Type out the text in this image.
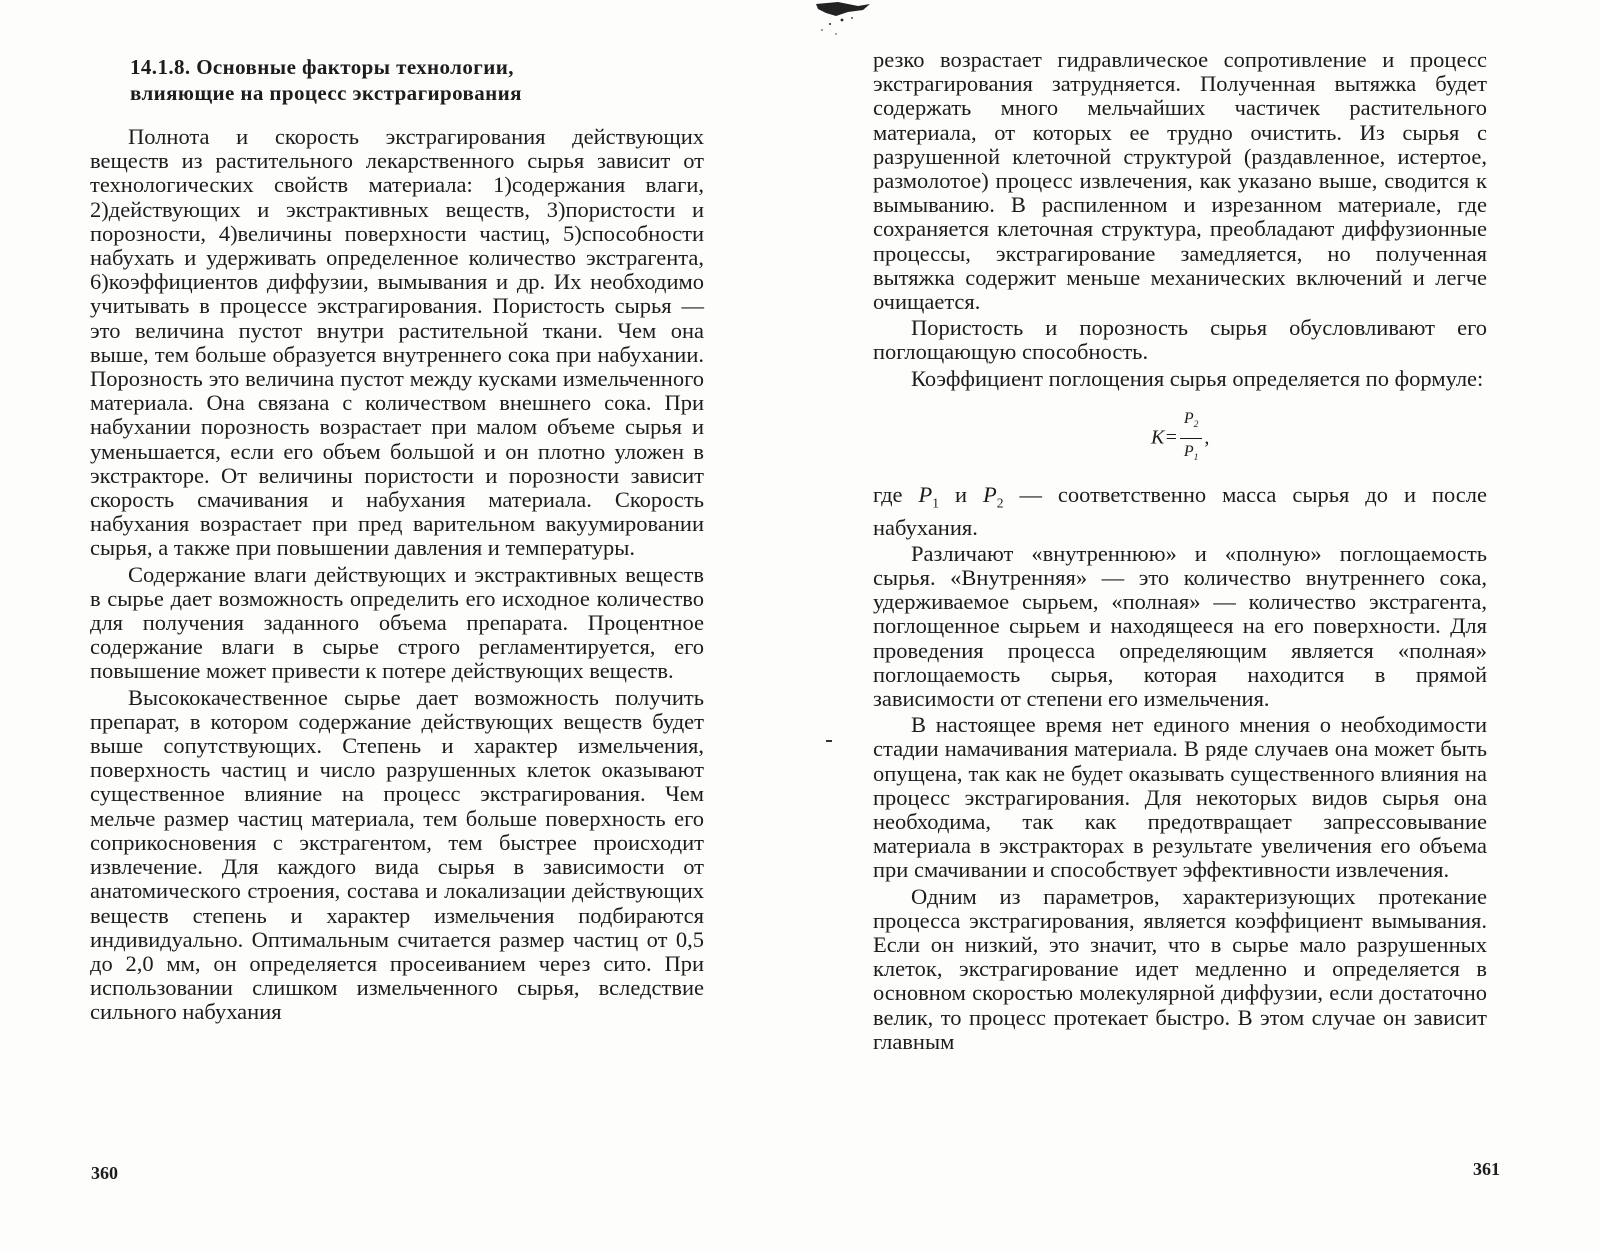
14.1.8. Основные факторы технологии,
влияющие на процесс экстрагирования

Полнота и скорость экстрагирования действующих веществ из растительного лекарственного сырья зависит от технологических свойств материала: 1)содержания влаги, 2)действующих и экстрактивных веществ, 3)пористости и порозности, 4)величины поверхности частиц, 5)способности набухать и удерживать определенное количество экстрагента, 6)коэффициентов диффузии, вымывания и др. Их необходимо учитывать в процессе экстрагирования. Пористость сырья — это величина пустот внутри растительной ткани. Чем она выше, тем больше образуется внутреннего сока при набухании. Порозность это величина пустот между кусками измельченного материала. Она связана с количеством внешнего сока. При набухании порозность возрастает при малом объеме сырья и уменьшается, если его объем большой и он плотно уложен в экстракторе. От величины пористости и порозности зависит скорость смачивания и набухания материала. Скорость набухания возрастает при пред варительном вакуумировании сырья, а также при повышении давления и температуры.

Содержание влаги действующих и экстрактивных веществ в сырье дает возможность определить его исходное количество для получения заданного объема препарата. Процентное содержание влаги в сырье строго регламентируется, его повышение может привести к потере действующих веществ.

Высококачественное сырье дает возможность получить препарат, в котором содержание действующих веществ будет выше сопутствующих. Степень и характер измельчения, поверхность частиц и число разрушенных клеток оказывают существенное влияние на процесс экстрагирования. Чем мельче размер частиц материала, тем больше поверхность его соприкосновения с экстрагентом, тем быстрее происходит извлечение. Для каждого вида сырья в зависимости от анатомического строения, состава и локализации действующих веществ степень и характер измельчения подбираются индивидуально. Оптимальным считается размер частиц от 0,5 до 2,0 мм, он определяется просеиванием через сито. При использовании слишком измельченного сырья, вследствие сильного набухания

360

резко возрастает гидравлическое сопротивление и процесс экстрагирования затрудняется. Полученная вытяжка будет содержать много мельчайших частичек растительного материала, от которых ее трудно очистить. Из сырья с разрушенной клеточной структурой (раздавленное, истертое, размолотое) процесс извлечения, как указано выше, сводится к вымыванию. В распиленном и изрезанном материале, где сохраняется клеточная структура, преобладают диффузионные процессы, экстрагирование замедляется, но полученная вытяжка содержит меньше механических включений и легче очищается.

Пористость и порозность сырья обусловливают его поглощающую способность.

Коэффициент поглощения сырья определяется по формуле:

$K= \frac{P_2}{P_1}$ ,

где $P_1$ и $P_2$ — соответственно масса сырья до и после набухания.

Различают «внутреннюю» и «полную» поглощаемость сырья. «Внутренняя» — это количество внутреннего сока, удерживаемое сырьем, «полная» — количество экстрагента, поглощенное сырьем и находящееся на его поверхности. Для проведения процесса определяющим является «полная» поглощаемость сырья, которая находится в прямой зависимости от степени его измельчения.

В настоящее время нет единого мнения о необходимости стадии намачивания материала. В ряде случаев она может быть опущена, так как не будет оказывать существенного влияния на процесс экстрагирования. Для некоторых видов сырья она необходима, так как предотвращает запрессовывание материала в экстракторах в результате увеличения его объема при смачивании и способствует эффективности извлечения.

Одним из параметров, характеризующих протекание процесса экстрагирования, является коэффициент вымывания. Если он низкий, это значит, что в сырье мало разрушенных клеток, экстрагирование идет медленно и определяется в основном скоростью молекулярной диффузии, если достаточно велик, то процесс протекает быстро. В этом случае он зависит главным

361
